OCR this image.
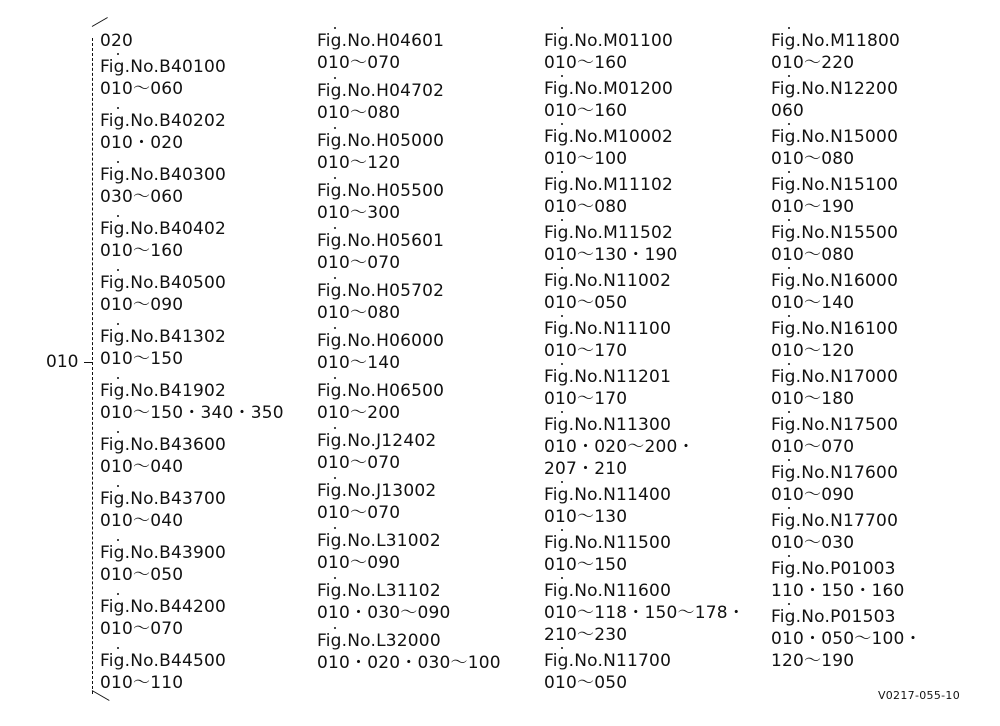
010
020
Fig.No.B40100
010～060
Fig.No.B40202
010・020
Fig.No.B40300
030～060
Fig.No.B40402
010～160
Fig.No.B40500
010～090
Fig.No.B41302
010～150
Fig.No.B41902
010～150・340・350
Fig.No.B43600
010～040
Fig.No.B43700
010～040
Fig.No.B43900
010～050
Fig.No.B44200
010～070
Fig.No.B44500
010～110
Fig.No.H04601
010～070
Fig.No.H04702
010～080
Fig.No.H05000
010～120
Fig.No.H05500
010～300
Fig.No.H05601
010～070
Fig.No.H05702
010～080
Fig.No.H06000
010～140
Fig.No.H06500
010～200
Fig.No.J12402
010～070
Fig.No.J13002
010～070
Fig.No.L31002
010～090
Fig.No.L31102
010・030～090
Fig.No.L32000
010・020・030～100
Fig.No.M01100
010～160
Fig.No.M01200
010～160
Fig.No.M10002
010～100
Fig.No.M11102
010～080
Fig.No.M11502
010～130・190
Fig.No.N11002
010～050
Fig.No.N11100
010～170
Fig.No.N11201
010～170
Fig.No.N11300
010・020～200・
207・210
Fig.No.N11400
010～130
Fig.No.N11500
010～150
Fig.No.N11600
010～118・150～178・
210～230
Fig.No.N11700
010～050
Fig.No.M11800
010～220
Fig.No.N12200
060
Fig.No.N15000
010～080
Fig.No.N15100
010～190
Fig.No.N15500
010～080
Fig.No.N16000
010～140
Fig.No.N16100
010～120
Fig.No.N17000
010～180
Fig.No.N17500
010～070
Fig.No.N17600
010～090
Fig.No.N17700
010～030
Fig.No.P01003
110・150・160
Fig.No.P01503
010・050～100・
120～190
V0217-055-10
